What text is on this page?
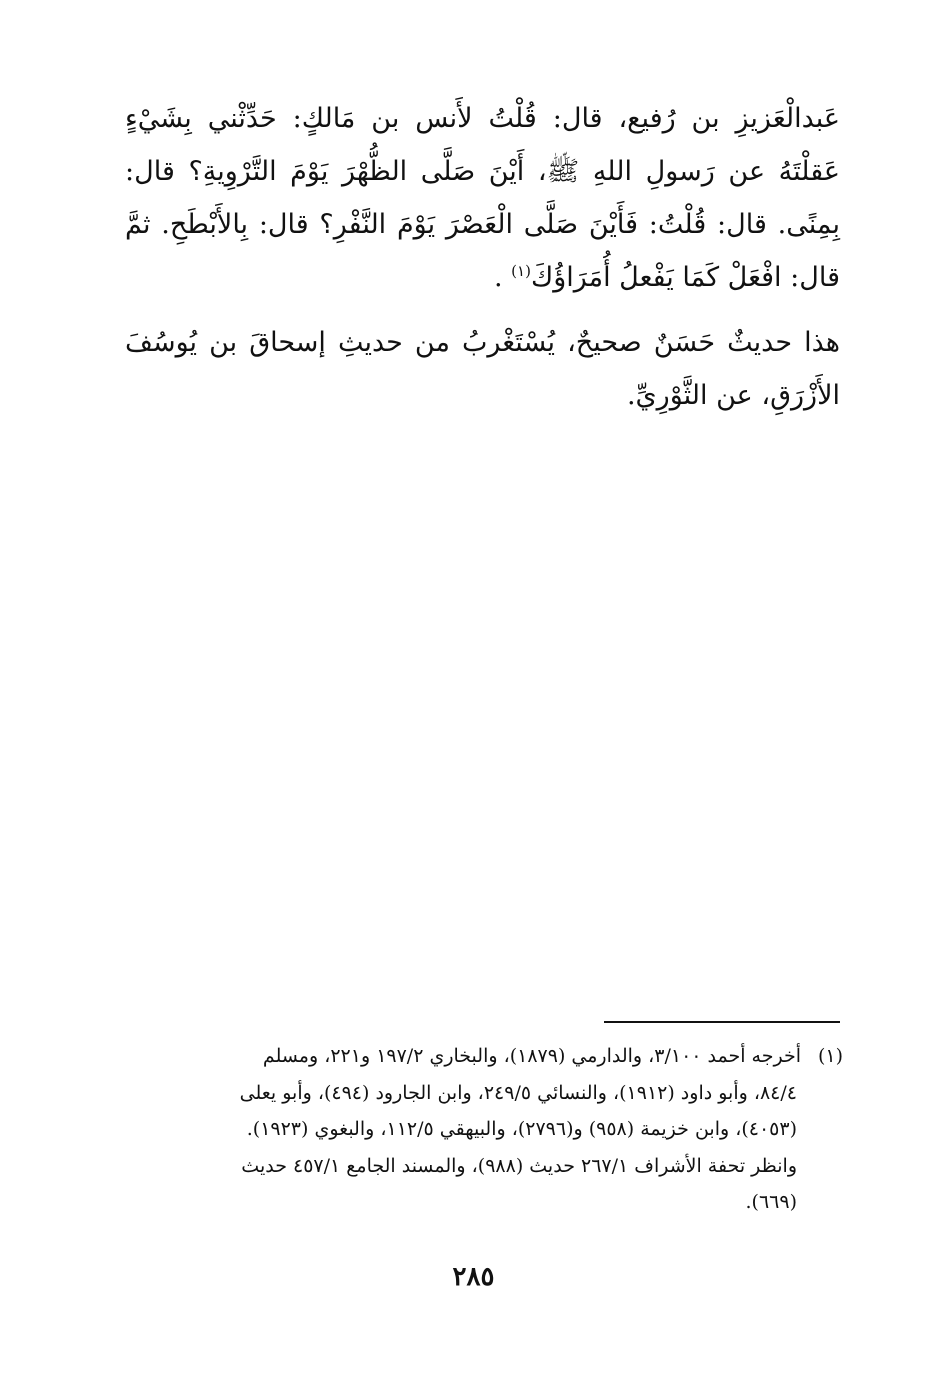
عَبدالْعَزيزِ بن رُفيع، قال: قُلْتُ لأَنس بن مَالكٍ: حَدِّثْني بِشَيْءٍ عَقلْتَهُ عن رَسولِ اللهِ ﷺ، أَيْنَ صَلَّى الظُّهْرَ يَوْمَ التَّرْوِيةِ؟ قال: بِمِنًى. قال: قُلْتُ: فَأَيْنَ صَلَّى الْعَصْرَ يَوْمَ النَّفْرِ؟ قال: بِالأَبْطَحِ. ثمَّ قال: افْعَلْ كَمَا يَفْعلُ أُمَرَاؤُكَ$^{(١)}$ .

هذا حديثٌ حَسَنٌ صحيحٌ، يُسْتَغْربُ من حديثِ إسحاقَ بن يُوسُفَ الأَزْرَقِ، عن الثَّوْرِيِّ.

(١)أخرجه أحمد ٣/١٠٠، والدارمي (١٨٧٩)، والبخاري ١٩٧/٢ و٢٢١، ومسلم
٨٤/٤، وأبو داود (١٩١٢)، والنسائي ٢٤٩/٥، وابن الجارود (٤٩٤)، وأبو يعلى
(٤٠٥٣)، وابن خزيمة (٩٥٨) و(٢٧٩٦)، والبيهقي ١١٢/٥، والبغوي (١٩٢٣).
وانظر تحفة الأشراف ٢٦٧/١ حديث (٩٨٨)، والمسند الجامع ٤٥٧/١ حديث
(٦٦٩).

٢٨٥
